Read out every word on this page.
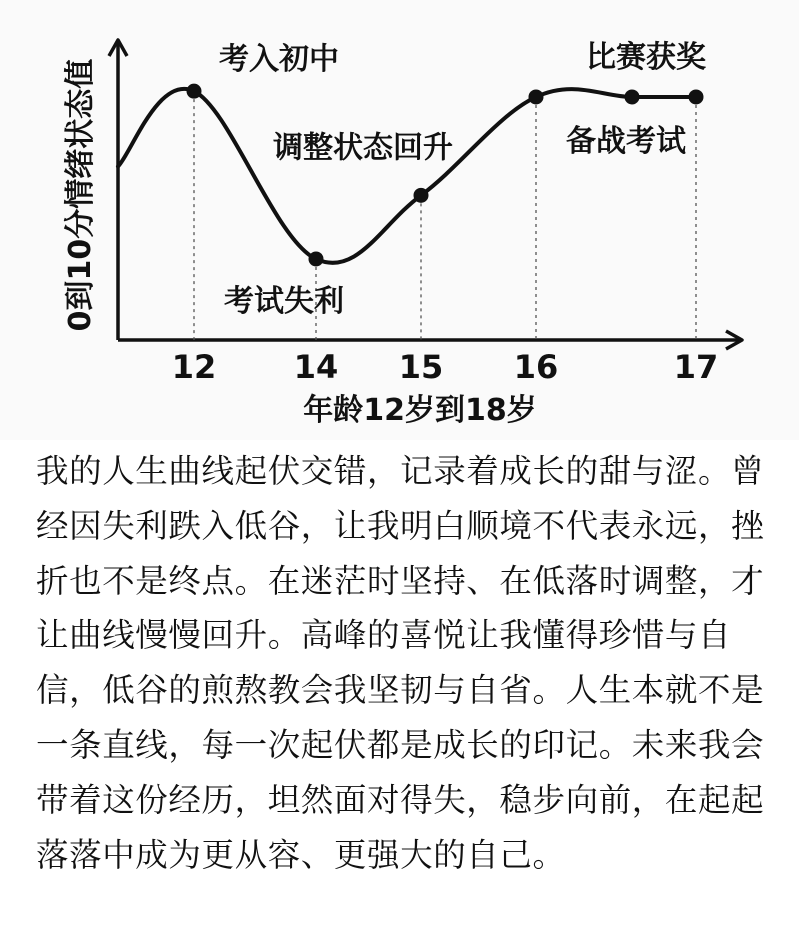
考入初中
考试失利
调整状态回升
比赛获奖
备战考试
12 14 15 16	17
年龄12岁到18岁
0到10分情绪状态值

我的人生曲线起伏交错，记录着成长的甜与涩。曾经因失利跌入低谷，让我明白顺境不代表永远，挫折也不是终点。在迷茫时坚持、在低落时调整，才让曲线慢慢回升。高峰的喜悦让我懂得珍惜与自信，低谷的煎熬教会我坚韧与自省。人生本就不是一条直线，每一次起伏都是成长的印记。未来我会带着这份经历，坦然面对得失，稳步向前，在起起落落中成为更从容、更强大的自己。
